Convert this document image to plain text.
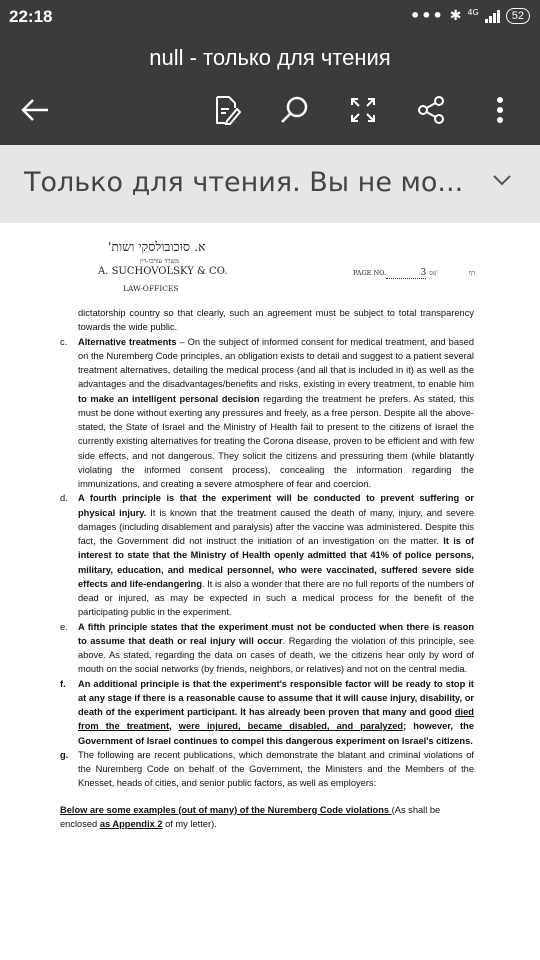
22:18	••• ✱ 4G	52
null - только для чтения
Только для чтения. Вы не мо...
א. סוכובולסקי ושות'
משרד עורכי-דין
A. SUCHOVOLSKY & CO.
LAW-OFFICES
PAGE NO.	3 מס'	דף
dictatorship country so that clearly, such an agreement must be subject to total transparency towards the wide public.
c. Alternative treatments – On the subject of informed consent for medical treatment, and based on the Nuremberg Code principles, an obligation exists to detail and suggest to a patient several treatment alternatives, detailing the medical process (and all that is included in it) as well as the advantages and the disadvantages/benefits and risks, existing in every treatment, to enable him to make an intelligent personal decision regarding the treatment he prefers. As stated, this must be done without exerting any pressures and freely, as a free person. Despite all the above-stated, the State of Israel and the Ministry of Health fail to present to the citizens of Israel the currently existing alternatives for treating the Corona disease, proven to be efficient and with few side effects, and not dangerous. They solicit the citizens and pressuring them (while blatantly violating the informed consent process), concealing the information regarding the immunizations, and creating a severe atmosphere of fear and coercion.
d. A fourth principle is that the experiment will be conducted to prevent suffering or physical injury. It is known that the treatment caused the death of many, injury, and severe damages (including disablement and paralysis) after the vaccine was administered. Despite this fact, the Government did not instruct the initiation of an investigation on the matter. It is of interest to state that the Ministry of Health openly admitted that 41% of police persons, military, education, and medical personnel, who were vaccinated, suffered severe side effects and life-endangering. It is also a wonder that there are no full reports of the numbers of dead or injured, as may be expected in such a medical process for the benefit of the participating public in the experiment.
e. A fifth principle states that the experiment must not be conducted when there is reason to assume that death or real injury will occur. Regarding the violation of this principle, see above. As stated, regarding the data on cases of death, we the citizens hear only by word of mouth on the social networks (by friends, neighbors, or relatives) and not on the central media.
f. An additional principle is that the experiment's responsible factor will be ready to stop it at any stage if there is a reasonable cause to assume that it will cause injury, disability, or death of the experiment participant. It has already been proven that many and good died from the treatment, were injured, became disabled, and paralyzed; however, the Government of Israel continues to compel this dangerous experiment on Israel's citizens.
g. The following are recent publications, which demonstrate the blatant and criminal violations of the Nuremberg Code on behalf of the Government, the Ministers and the Members of the Knesset, heads of cities, and senior public factors, as well as employers:
Below are some examples (out of many) of the Nuremberg Code violations (As shall be enclosed as Appendix 2 of my letter).
